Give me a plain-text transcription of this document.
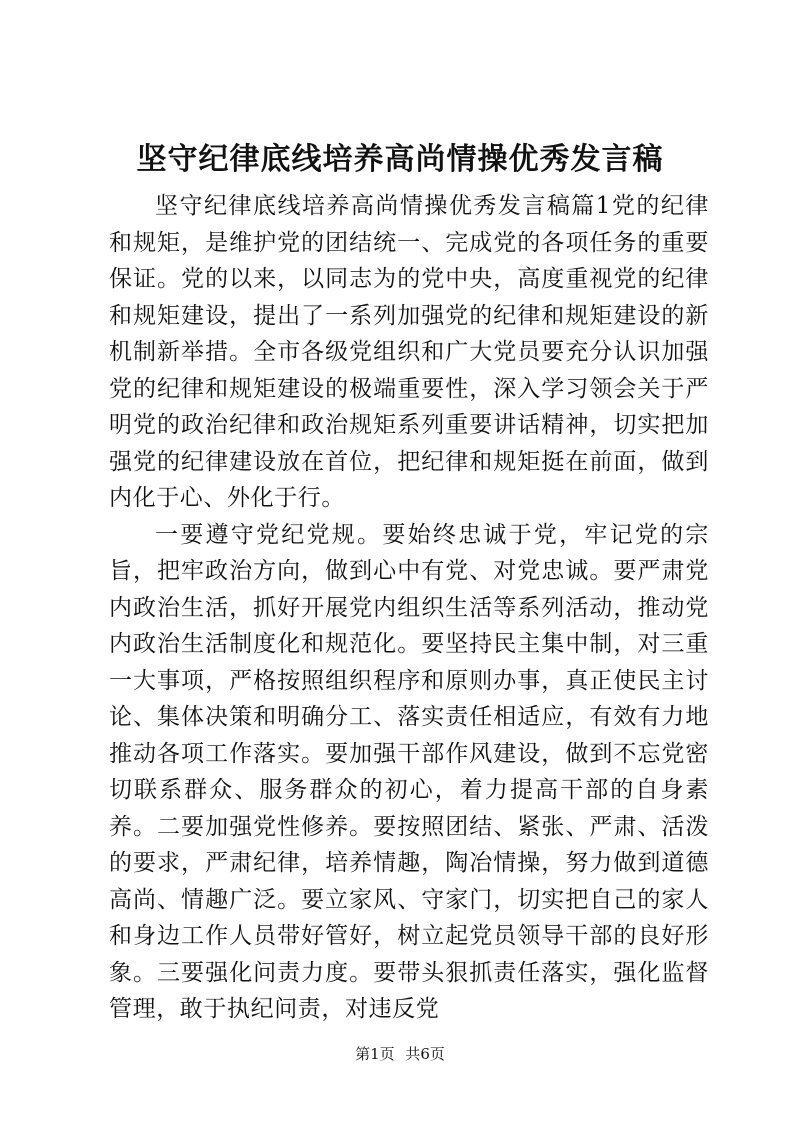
坚守纪律底线培养高尚情操优秀发言稿

坚守纪律底线培养高尚情操优秀发言稿篇1党的纪律和规矩，是维护党的团结统一、完成党的各项任务的重要保证。党的以来，以同志为的党中央，高度重视党的纪律和规矩建设，提出了一系列加强党的纪律和规矩建设的新机制新举措。全市各级党组织和广大党员要充分认识加强党的纪律和规矩建设的极端重要性，深入学习领会关于严明党的政治纪律和政治规矩系列重要讲话精神，切实把加强党的纪律建设放在首位，把纪律和规矩挺在前面，做到内化于心、外化于行。

一要遵守党纪党规。要始终忠诚于党，牢记党的宗旨，把牢政治方向，做到心中有党、对党忠诚。要严肃党内政治生活，抓好开展党内组织生活等系列活动，推动党内政治生活制度化和规范化。要坚持民主集中制，对三重一大事项，严格按照组织程序和原则办事，真正使民主讨论、集体决策和明确分工、落实责任相适应，有效有力地推动各项工作落实。要加强干部作风建设，做到不忘党密切联系群众、服务群众的初心，着力提高干部的自身素养。二要加强党性修养。要按照团结、紧张、严肃、活泼的要求，严肃纪律，培养情趣，陶冶情操，努力做到道德高尚、情趣广泛。要立家风、守家门，切实把自己的家人和身边工作人员带好管好，树立起党员领导干部的良好形象。三要强化问责力度。要带头狠抓责任落实，强化监督管理，敢于执纪问责，对违反党

第1页 共6页
